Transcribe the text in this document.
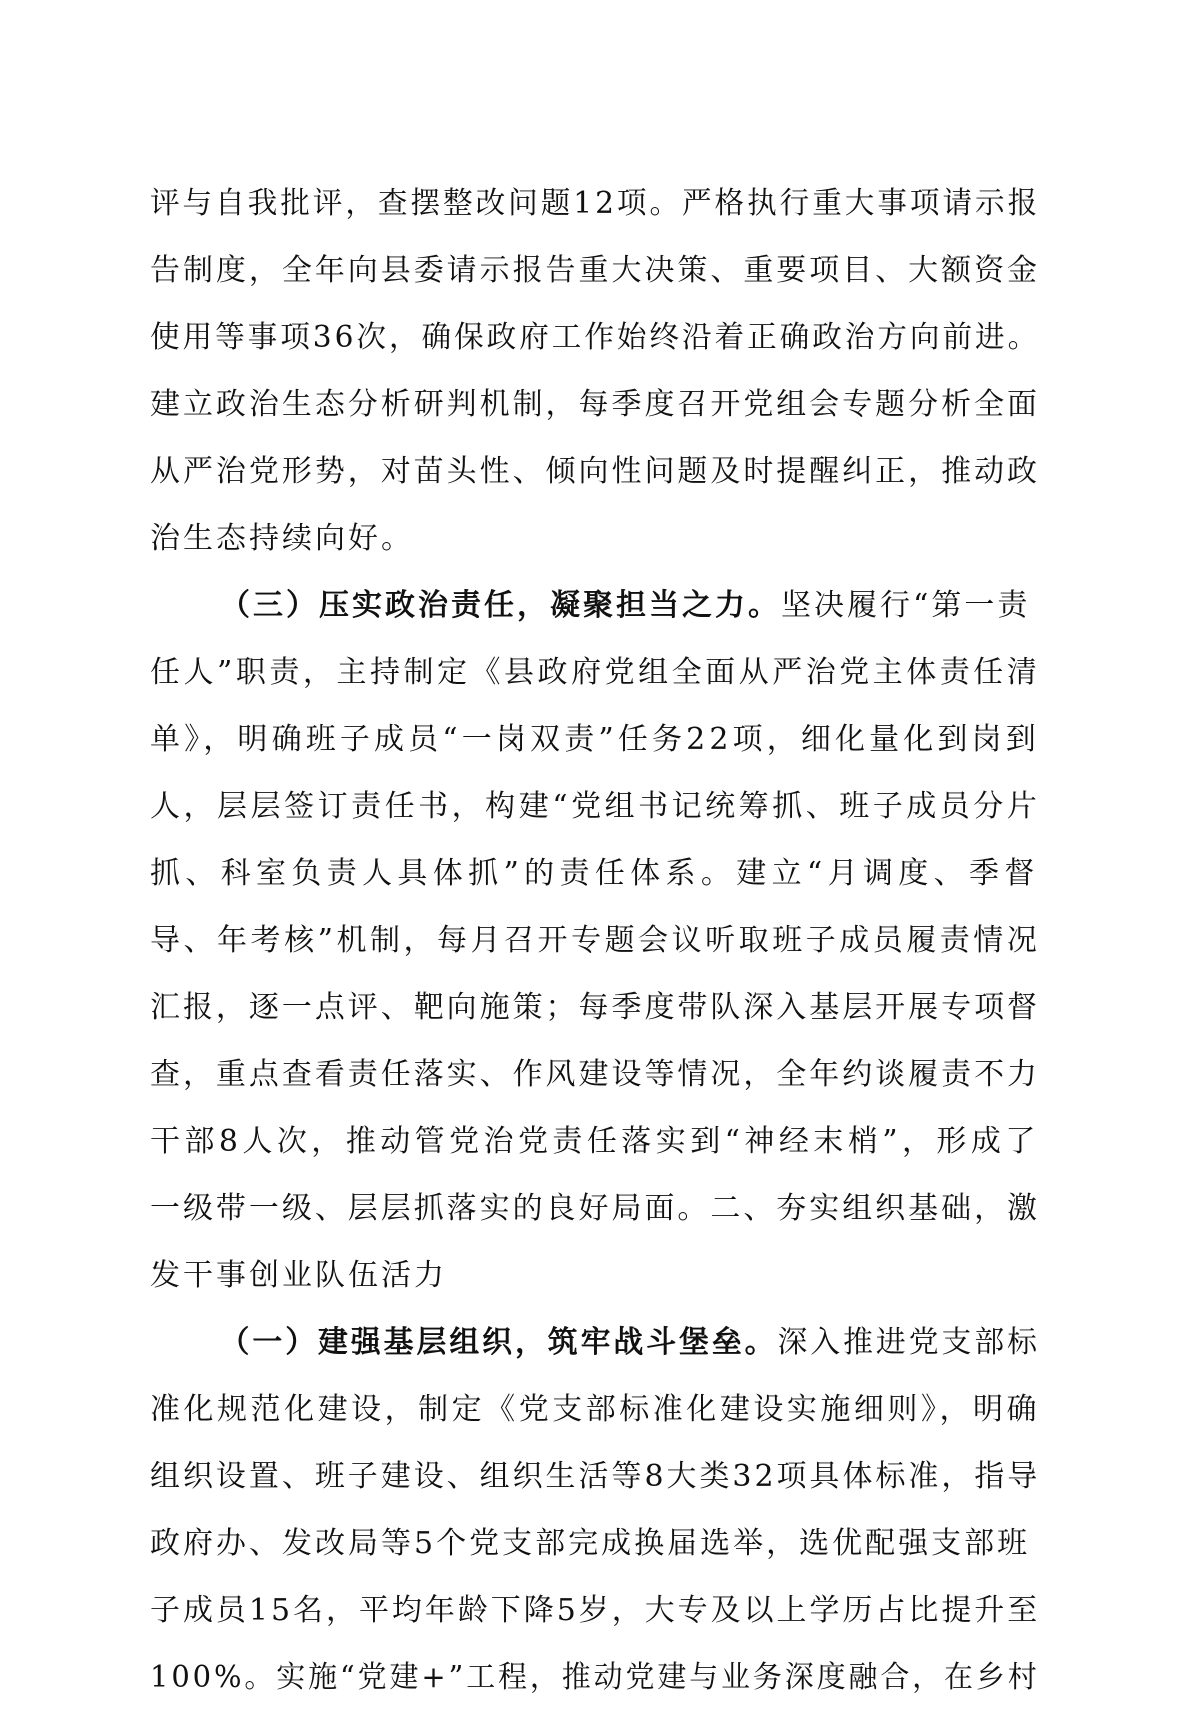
评与自我批评，查摆整改问题12项。严格执行重大事项请示报
告制度，全年向县委请示报告重大决策、重要项目、大额资金
使用等事项36次，确保政府工作始终沿着正确政治方向前进。
建立政治生态分析研判机制，每季度召开党组会专题分析全面
从严治党形势，对苗头性、倾向性问题及时提醒纠正，推动政
治生态持续向好。
（三）压实政治责任，凝聚担当之力。坚决履行“第一责
任人”职责，主持制定《县政府党组全面从严治党主体责任清
单》，明确班子成员“一岗双责”任务22项，细化量化到岗到
人，层层签订责任书，构建“党组书记统筹抓、班子成员分片
抓、科室负责人具体抓”的责任体系。建立“月调度、季督
导、年考核”机制，每月召开专题会议听取班子成员履责情况
汇报，逐一点评、靶向施策；每季度带队深入基层开展专项督
查，重点查看责任落实、作风建设等情况，全年约谈履责不力
干部8人次，推动管党治党责任落实到“神经末梢”，形成了
一级带一级、层层抓落实的良好局面。二、夯实组织基础，激
发干事创业队伍活力
（一）建强基层组织，筑牢战斗堡垒。深入推进党支部标
准化规范化建设，制定《党支部标准化建设实施细则》，明确
组织设置、班子建设、组织生活等8大类32项具体标准，指导
政府办、发改局等5个党支部完成换届选举，选优配强支部班
子成员15名，平均年龄下降5岁，大专及以上学历占比提升至
100%。实施“党建+”工程，推动党建与业务深度融合，在乡村
